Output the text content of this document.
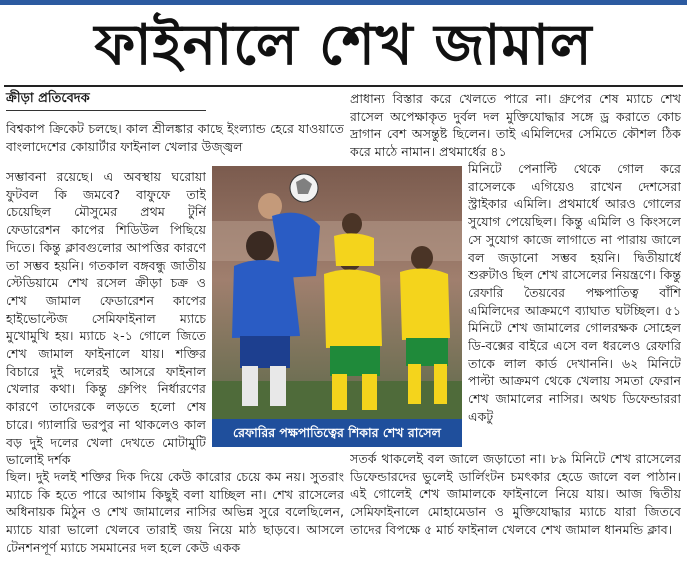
ফাইনালে শেখ জামাল
ক্রীড়া প্রতিবেদক

বিশ্বকাপ ক্রিকেট চলছে। কাল শ্রীলঙ্কার কাছে ইংল্যান্ড হেরে যাওয়াতে বাংলাদেশের কোয়ার্টার ফাইনাল খেলার উজ্জ্বল

সম্ভাবনা রয়েছে। এ অবস্থায় ঘরোয়া ফুটবল কি জমবে? বাফুফে তাই চেয়েছিল মৌসুমের প্রথম টুর্নি ফেডারেশন কাপের শিডিউল পিছিয়ে দিতে। কিন্তু ক্লাবগুলোর আপত্তির কারণে তা সম্ভব হয়নি। গতকাল বঙ্গবন্ধু জাতীয় স্টেডিয়ামে শেখ রসেল ক্রীড়া চক্র ও শেখ জামাল ফেডারেশন কাপের হাইভোল্টেজ সেমিফাইনাল ম্যাচে মুখোমুখি হয়। ম্যাচে ২-১ গোলে জিতে শেখ জামাল ফাইনালে যায়। শক্তির বিচারে দুই দলেরই আসরে ফাইনাল খেলার কথা। কিন্তু গ্রুপিং নির্ধারণের কারণে তাদেরকে লড়তে হলো শেষ চারে। গ্যালারি ভরপুর না থাকলেও কাল বড় দুই দলের খেলা দেখতে মোটামুটি ভালোই দর্শক

ছিল। দুই দলই শক্তির দিক দিয়ে কেউ কারোর চেয়ে কম নয়। সুতরাং ম্যাচে কি হতে পারে আগাম কিছুই বলা যাচ্ছিল না। শেখ রাসেলের অধিনায়ক মিঠুন ও শেখ জামালের নাসির অভিন্ন সুরে বলেছিলেন, ম্যাচে যারা ভালো খেলবে তারাই জয় নিয়ে মাঠ ছাড়বে। আসলে টেনশনপূর্ণ ম্যাচে সমমানের দল হলে কেউ একক

প্রাধান্য বিস্তার করে খেলতে পারে না। গ্রুপের শেষ ম্যাচে শেখ রাসেল অপেক্ষাকৃত দুর্বল দল মুক্তিযোদ্ধার সঙ্গে ড্র করাতে কোচ দ্রাগান বেশ অসন্তুষ্ট ছিলেন। তাই এমিলিদের সেমিতে কৌশল ঠিক করে মাঠে নামান। প্রথমার্ধের ৪১

মিনিটে পেনাল্টি থেকে গোল করে রাসেলকে এগিয়েও রাখেন দেশসেরা স্ট্রাইকার এমিলি। প্রথমার্ধে আরও গোলের সুযোগ পেয়েছিল। কিন্তু এমিলি ও কিংসলে সে সুযোগ কাজে লাগাতে না পারায় জালে বল জড়ানো সম্ভব হয়নি। দ্বিতীয়ার্ধে শুরুটাও ছিল শেখ রাসেলের নিয়ন্ত্রণে। কিন্তু রেফারি তৈয়বের পক্ষপাতিত্ব বাঁশি এমিলিদের আক্রমণে ব্যাঘাত ঘটচ্ছিল। ৫১ মিনিটে শেখ জামালের গোলরক্ষক সোহেল ডি-বক্সের বাইরে এসে বল ধরলেও রেফারি তাকে লাল কার্ড দেখাননি। ৬২ মিনিটে পাল্টা আক্রমণ থেকে খেলায় সমতা ফেরান শেখ জামালের নাসির। অথচ ডিফেন্ডাররা একটু

সতর্ক থাকলেই বল জালে জড়াতো না। ৮৯ মিনিটে শেখ রাসেলের ডিফেন্ডারদের ভুলেই ডার্লিংটন চমৎকার হেডে জালে বল পাঠান। এই গোলেই শেখ জামালকে ফাইনালে নিয়ে যায়। আজ দ্বিতীয় সেমিফাইনালে মোহামেডান ও মুক্তিযোদ্ধার ম্যাচে যারা জিতবে তাদের বিপক্ষে ৫ মার্চ ফাইনাল খেলবে শেখ জামাল ধানমন্ডি ক্লাব।

রেফারির পক্ষপাতিত্বের শিকার শেখ রাসেল
